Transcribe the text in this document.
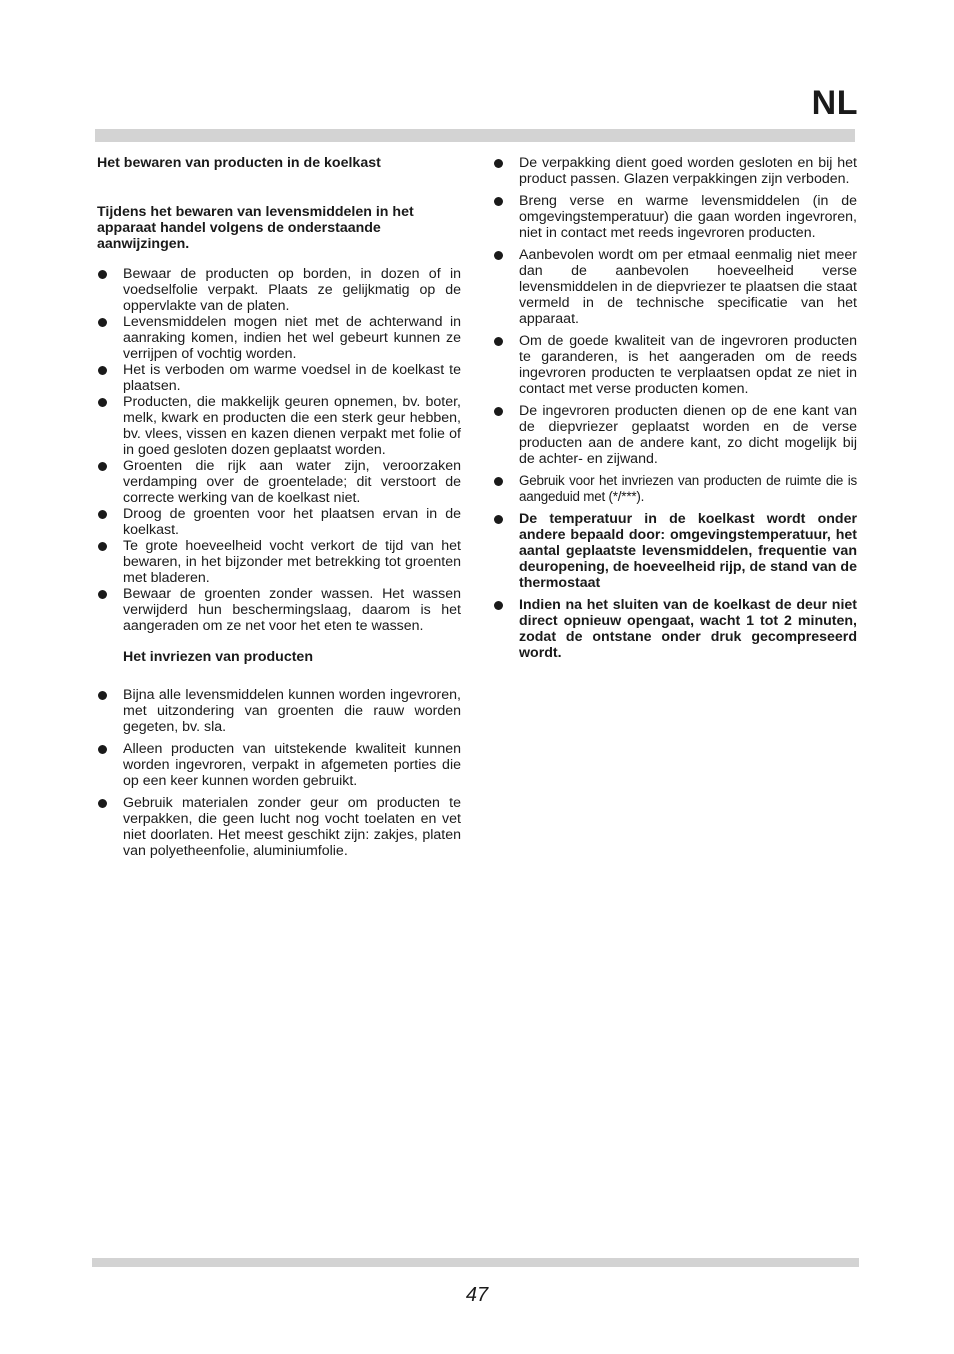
NL

Het bewaren van producten in de koelkast

Tijdens het bewaren van levensmiddelen in het apparaat handel volgens de onderstaande aanwijzingen.

Bewaar de producten op borden, in dozen of in voedselfolie verpakt. Plaats ze gelijkmatig op de oppervlakte van de platen.
Levensmiddelen mogen niet met de achterwand in aanraking komen, indien het wel gebeurt kunnen ze verrijpen of vochtig worden.
Het is verboden om warme voedsel in de koelkast te plaatsen.
Producten, die makkelijk geuren opnemen, bv. boter, melk, kwark en producten die een sterk geur hebben, bv. vlees, vissen en kazen dienen verpakt met folie of in goed gesloten dozen geplaatst worden.
Groenten die rijk aan water zijn, veroorzaken verdamping over de groentelade; dit verstoort de correcte werking van de koelkast niet.
Droog de groenten voor het plaatsen ervan in de koelkast.
Te grote hoeveelheid vocht verkort de tijd van het bewaren, in het bijzonder met betrekking tot groenten met bladeren.
Bewaar de groenten zonder wassen. Het wassen verwijderd hun beschermingslaag, daarom is het aangeraden om ze net voor het eten te wassen.

Het invriezen van producten

Bijna alle levensmiddelen kunnen worden ingevroren, met uitzondering van groenten die rauw worden gegeten, bv. sla.
Alleen producten van uitstekende kwaliteit kunnen worden ingevroren, verpakt in afgemeten porties die op een keer kunnen worden gebruikt.
Gebruik materialen zonder geur om producten te verpakken, die geen lucht nog vocht toelaten en vet niet doorlaten. Het meest geschikt zijn: zakjes, platen van polyetheenfolie, aluminiumfolie.
De verpakking dient goed worden gesloten en bij het product passen. Glazen verpakkingen zijn verboden.
Breng verse en warme levensmiddelen (in de omgevingstemperatuur) die gaan worden ingevroren, niet in contact met reeds ingevroren producten.
Aanbevolen wordt om per etmaal eenmalig niet meer dan de aanbevolen hoeveelheid verse levensmiddelen in de diepvriezer te plaatsen die staat vermeld in de technische specificatie van het apparaat.
Om de goede kwaliteit van de ingevroren producten te garanderen, is het aangeraden om de reeds ingevroren producten te verplaatsen opdat ze niet in contact met verse producten komen.
De ingevroren producten dienen op de ene kant van de diepvriezer geplaatst worden en de verse producten aan de andere kant, zo dicht mogelijk bij de achter- en zijwand.
Gebruik voor het invriezen van producten de ruimte die is aangeduid met (*/***).
De temperatuur in de koelkast wordt onder andere bepaald door: omgevingstemperatuur, het aantal geplaatste levensmiddelen, frequentie van deuropening, de hoeveelheid rijp, de stand van de thermostaat
Indien na het sluiten van de koelkast de deur niet direct opnieuw opengaat, wacht 1 tot 2 minuten, zodat de ontstane onder druk gecompreseerd wordt.
47
